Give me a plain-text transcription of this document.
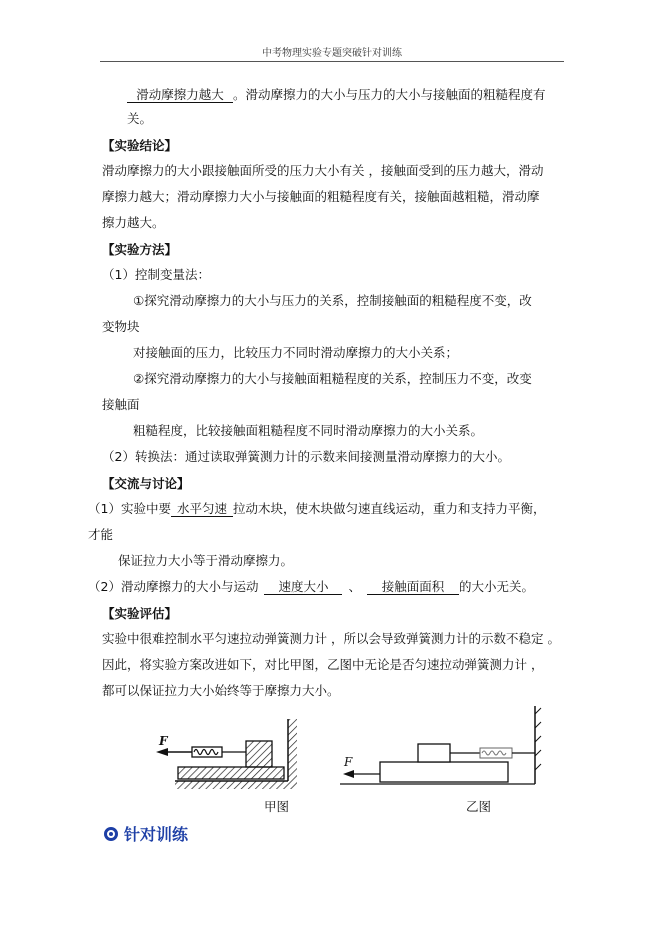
中考物理实验专题突破针对训练
滑动摩擦力越大 。滑动摩擦力的大小与压力的大小与接触面的粗糙程度有
关。
【实验结论】
滑动摩擦力的大小跟接触面所受的压力大小有关 ，接触面受到的压力越大，滑动
摩擦力越大；滑动摩擦力大小与接触面的粗糙程度有关，接触面越粗糙，滑动摩
擦力越大。
【实验方法】
（1）控制变量法：
①探究滑动摩擦力的大小与压力的关系，控制接触面的粗糙程度不变，改
变物块
对接触面的压力，比较压力不同时滑动摩擦力的大小关系；
②探究滑动摩擦力的大小与接触面粗糙程度的关系，控制压力不变，改变
接触面
粗糙程度，比较接触面粗糙程度不同时滑动摩擦力的大小关系。
（2）转换法：通过读取弹簧测力计的示数来间接测量滑动摩擦力的大小。
【交流与讨论】
（1）实验中要 水平匀速 拉动木块，使木块做匀速直线运动，重力和支持力平衡，
才能
保证拉力大小等于滑动摩擦力。
（2）滑动摩擦力的大小与运动 速度大小 、 接触面面积 的大小无关。
【实验评估】
实验中很难控制水平匀速拉动弹簧测力计 ，所以会导致弹簧测力计的示数不稳定 。
因此，将实验方案改进如下，对比甲图，乙图中无论是否匀速拉动弹簧测力计 ，
都可以保证拉力大小始终等于摩擦力大小。
F
甲图
F
乙图
针对训练
